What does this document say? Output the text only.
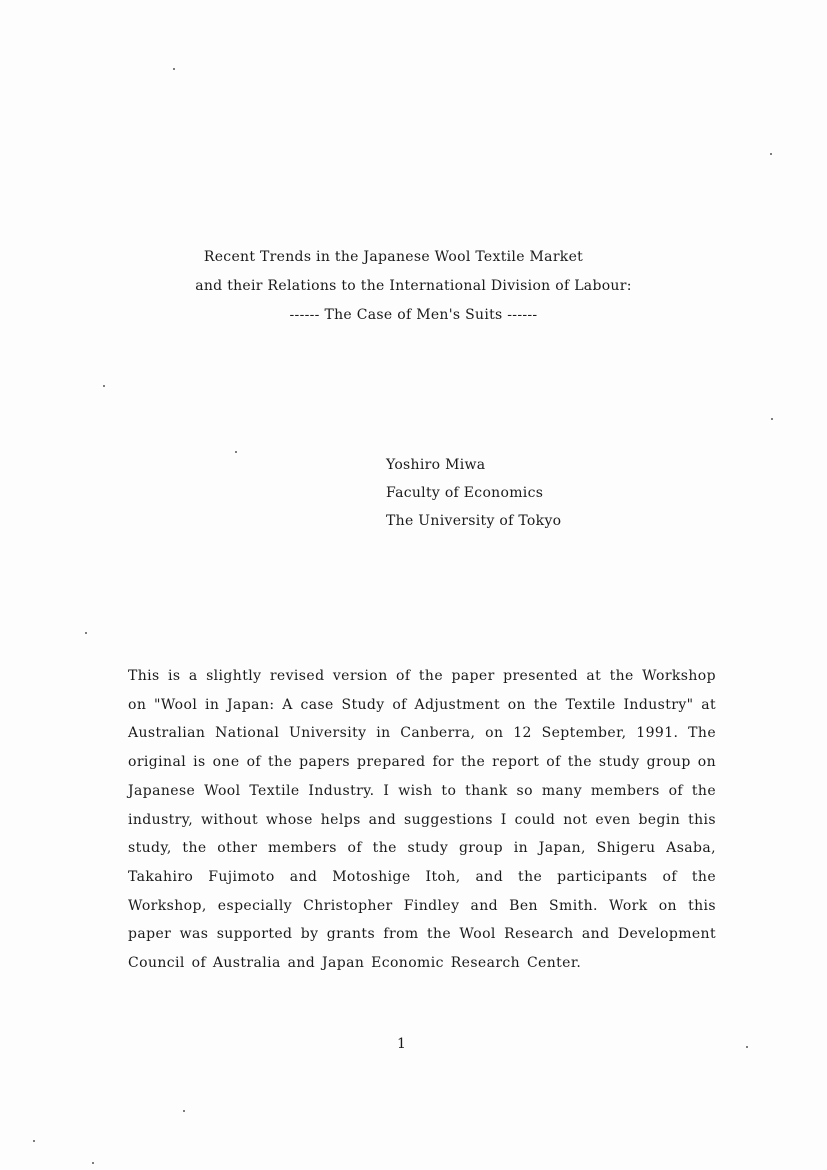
Recent Trends in the Japanese Wool Textile Market
and their Relations to the International Division of Labour:
------ The Case of Men's Suits ------
Yoshiro Miwa
Faculty of Economics
The University of Tokyo

This is a slightly revised version of the paper presented at the Workshop on "Wool in Japan: A case Study of Adjustment on the Textile Industry" at Australian National University in Canberra, on 12 September, 1991. The original is one of the papers prepared for the report of the study group on Japanese Wool Textile Industry. I wish to thank so many members of the industry, without whose helps and suggestions I could not even begin this study, the other members of the study group in Japan, Shigeru Asaba, Takahiro Fujimoto and Motoshige Itoh, and the participants of the Workshop, especially Christopher Findley and Ben Smith. Work on this paper was supported by grants from the Wool Research and Development Council of Australia and Japan Economic Research Center.

1
